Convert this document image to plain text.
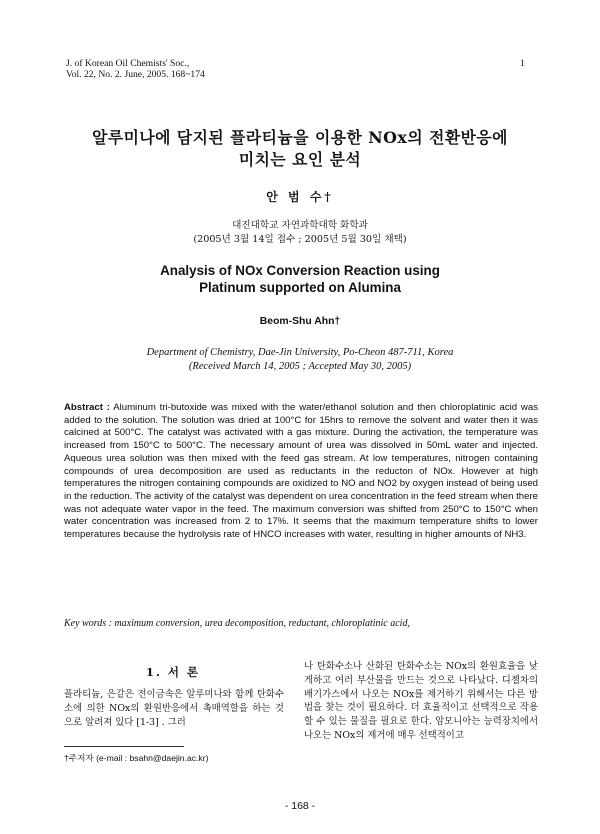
J. of Korean Oil Chemists' Soc.,
Vol. 22, No. 2. June, 2005. 168~174
1
알루미나에 담지된 플라티늄을 이용한 NOx의 전환반응에
미치는 요인 분석
안 범 수†
대진대학교 자연과학대학 화학과
(2005년 3월 14일 접수 ; 2005년 5월 30일 채택)
Analysis of NOx Conversion Reaction using
Platinum supported on Alumina
Beom-Shu Ahn†
Department of Chemistry, Dae-Jin University, Po-Cheon 487-711, Korea
(Received March 14, 2005 ; Accepted May 30, 2005)
Abstract : Aluminum tri-butoxide was mixed with the water/ethanol solution and then chloroplatinic acid was added to the solution. The solution was dried at 100°C for 15hrs to remove the solvent and water then it was calcined at 500°C. The catalyst was activated with a gas mixture. During the activation, the temperature was increased from 150°C to 500°C. The necessary amount of urea was dissolved in 50mL water and injected. Aqueous urea solution was then mixed with the feed gas stream. At low temperatures, nitrogen containing compounds of urea decomposition are used as reductants in the reducton of NOx. However at high temperatures the nitrogen containing compounds are oxidized to NO and NO2 by oxygen instead of being used in the reduction. The activity of the catalyst was dependent on urea concentration in the feed stream when there was not adequate water vapor in the feed. The maximum conversion was shifted from 250°C to 150°C when water concentration was increased from 2 to 17%. It seems that the maximum temperature shifts to lower temperatures because the hydrolysis rate of HNCO increases with water, resulting in higher amounts of NH3.
Key words : maximum conversion, urea decomposition, reductant, chloroplatinic acid,
1. 서 론
플라티늄, 은같은 전이금속은 알루미나와 함께 탄화수소에 의한 NOx의 환원반응에서 촉매역할을 하는 것으로 알려져 있다 [1-3] . 그러
나 탄화수소나 산화된 탄화수소는 NOx의 환원효율을 낮게하고 여러 부산물을 만드는 것으로 나타났다. 디젤차의 배기가스에서 나오는 NOx를 제거하기 위해서는 다른 방법을 찾는 것이 필요하다. 더 효율적이고 선택적으로 작용할 수 있는 물질을 필요로 한다. 암모니아는 능력장치에서 나오는 NOx의 제거에 매우 선택적이고
†주저자 (e-mail : bsahn@daejin.ac.kr)
- 168 -
